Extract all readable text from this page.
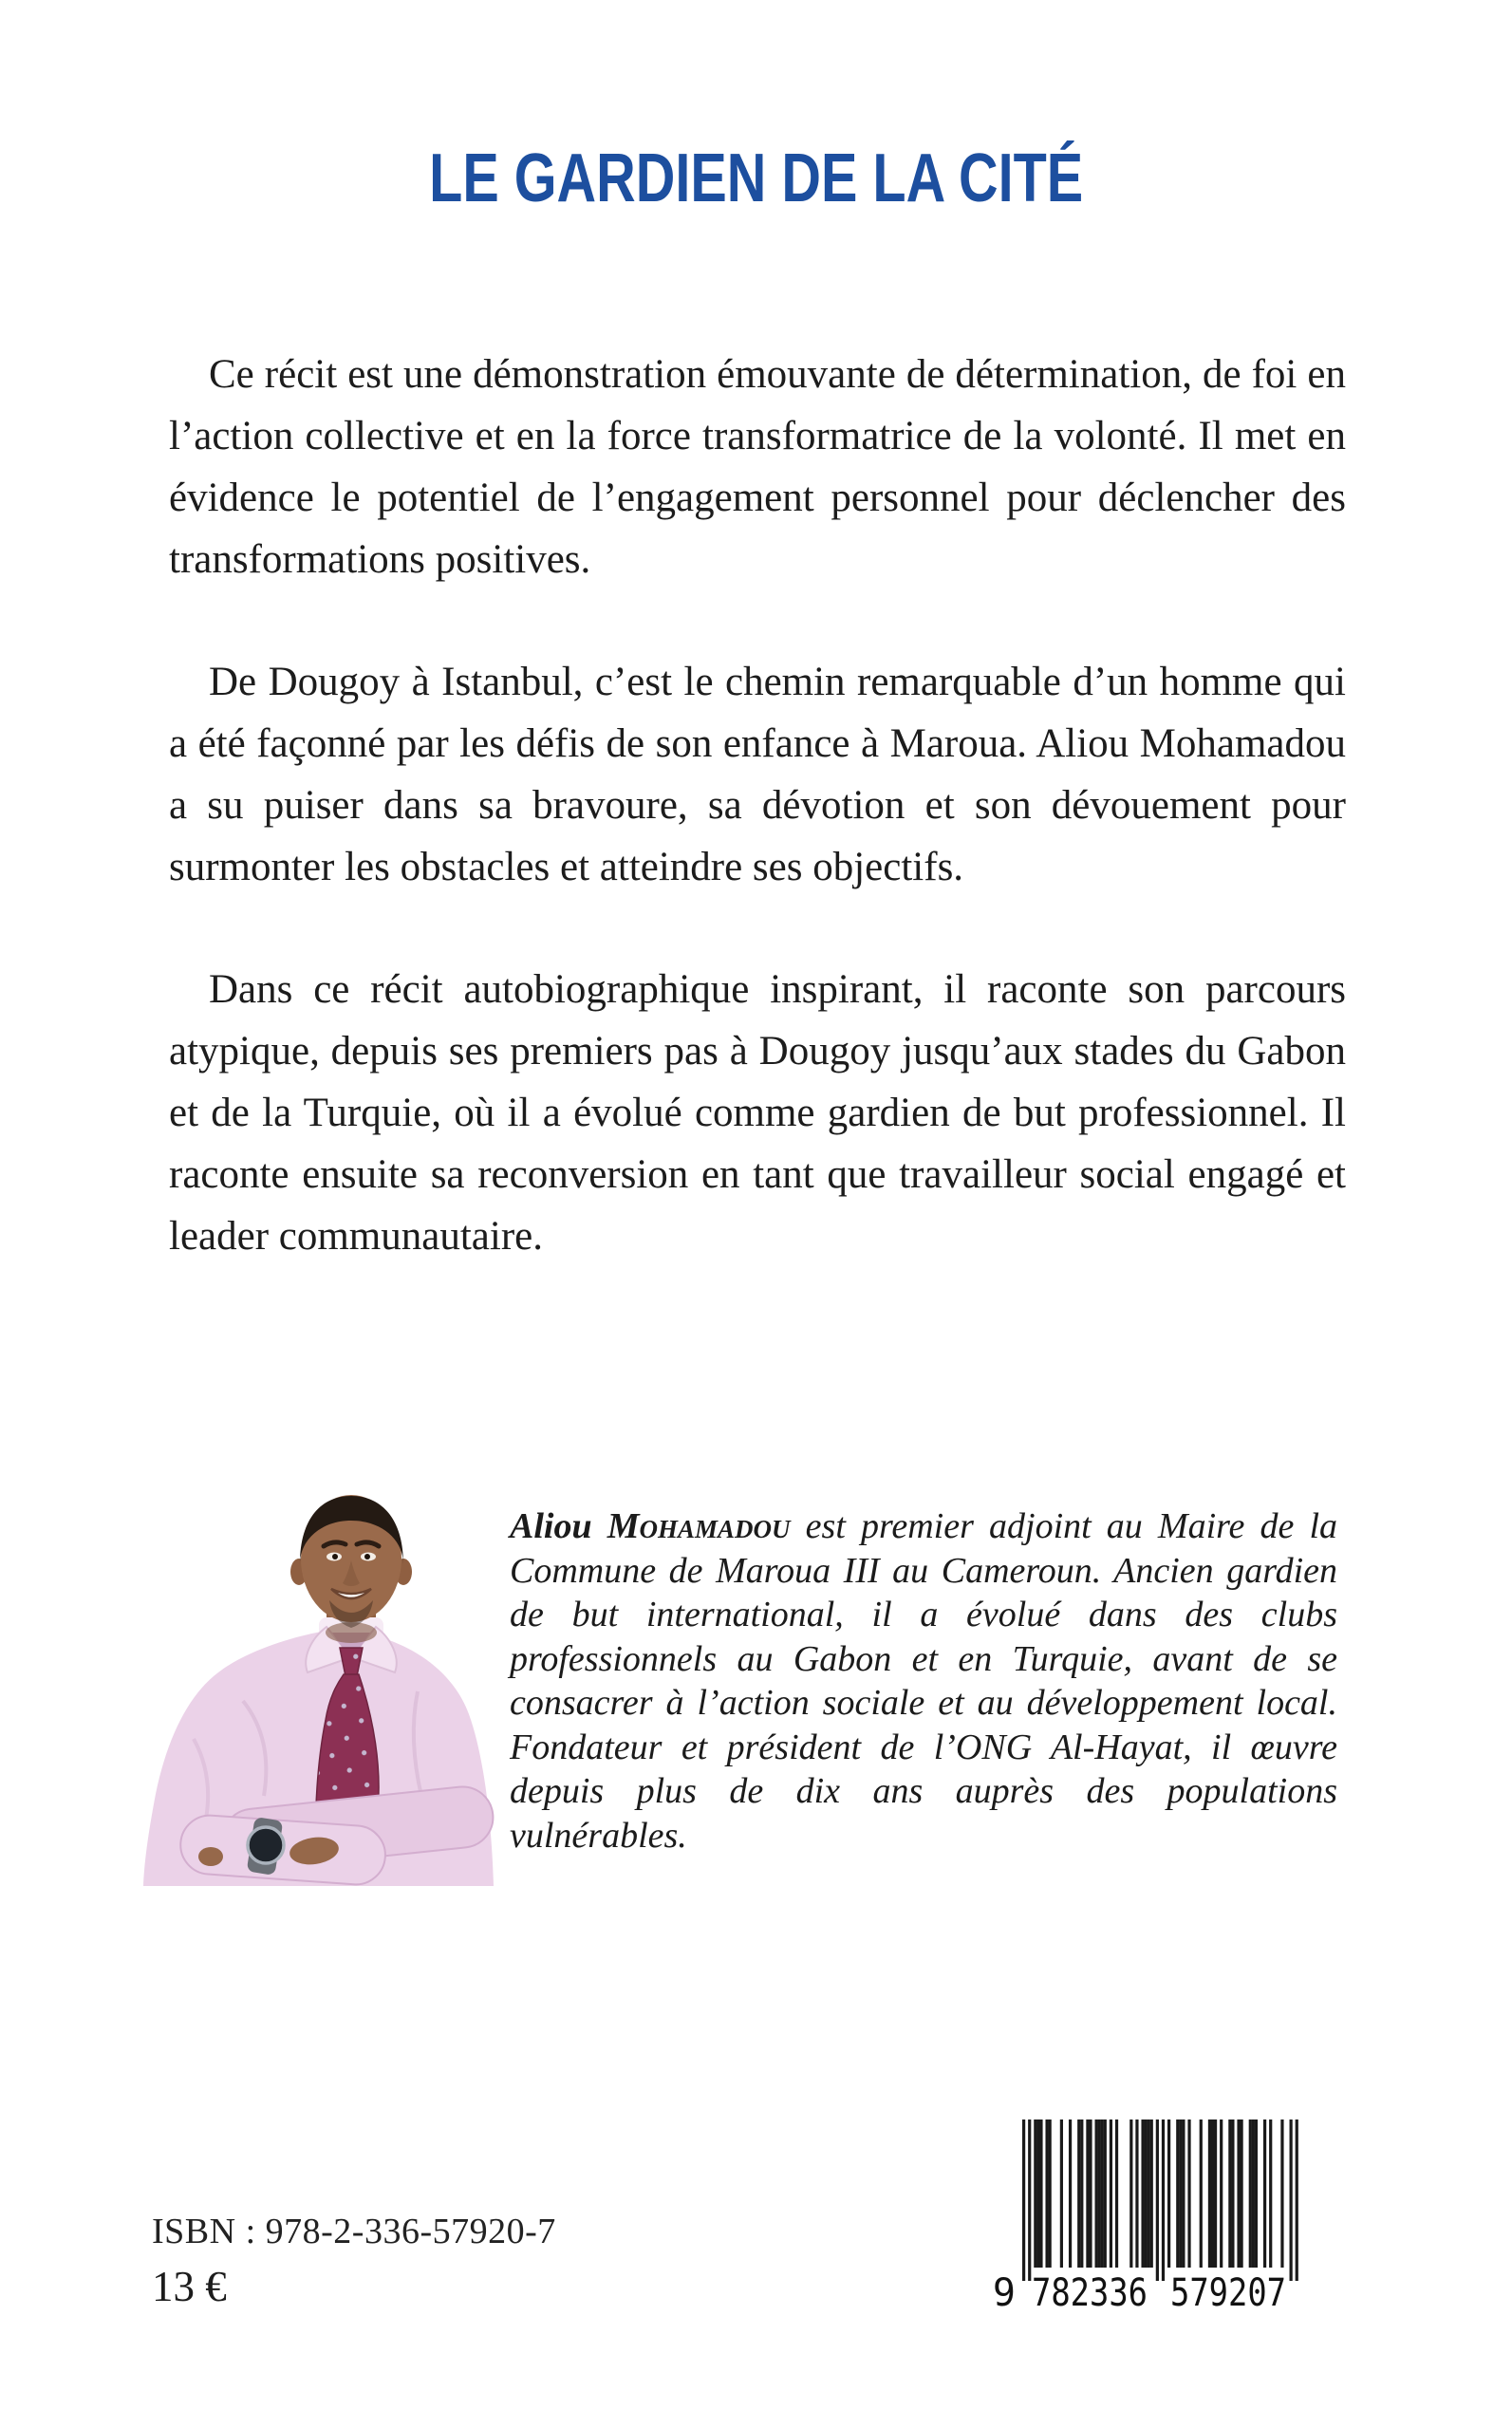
LE GARDIEN DE LA CITÉ

Ce récit est une démonstration émouvante de détermination, de foi en l’action collective et en la force transformatrice de la volonté. Il met en évidence le potentiel de l’engagement personnel pour déclencher des transformations positives.

De Dougoy à Istanbul, c’est le chemin remarquable d’un homme qui a été façonné par les défis de son enfance à Maroua. Aliou Mohamadou a su puiser dans sa bravoure, sa dévotion et son dévouement pour surmonter les obstacles et atteindre ses objectifs.

Dans ce récit autobiographique inspirant, il raconte son parcours atypique, depuis ses premiers pas à Dougoy jusqu’aux stades du Gabon et de la Turquie, où il a évolué comme gardien de but professionnel. Il raconte ensuite sa reconversion en tant que travailleur social engagé et leader communautaire.

Aliou Mohamadou est premier adjoint au Maire de la Commune de Maroua III au Cameroun. Ancien gardien de but international, il a évolué dans des clubs professionnels au Gabon et en Turquie, avant de se consacrer à l’action sociale et au développement local. Fondateur et président de l’ONG Al-Hayat, il œuvre depuis plus de dix ans auprès des populations vulnérables.
ISBN : 978-2-336-57920-7
13 €	9 782336 579207
